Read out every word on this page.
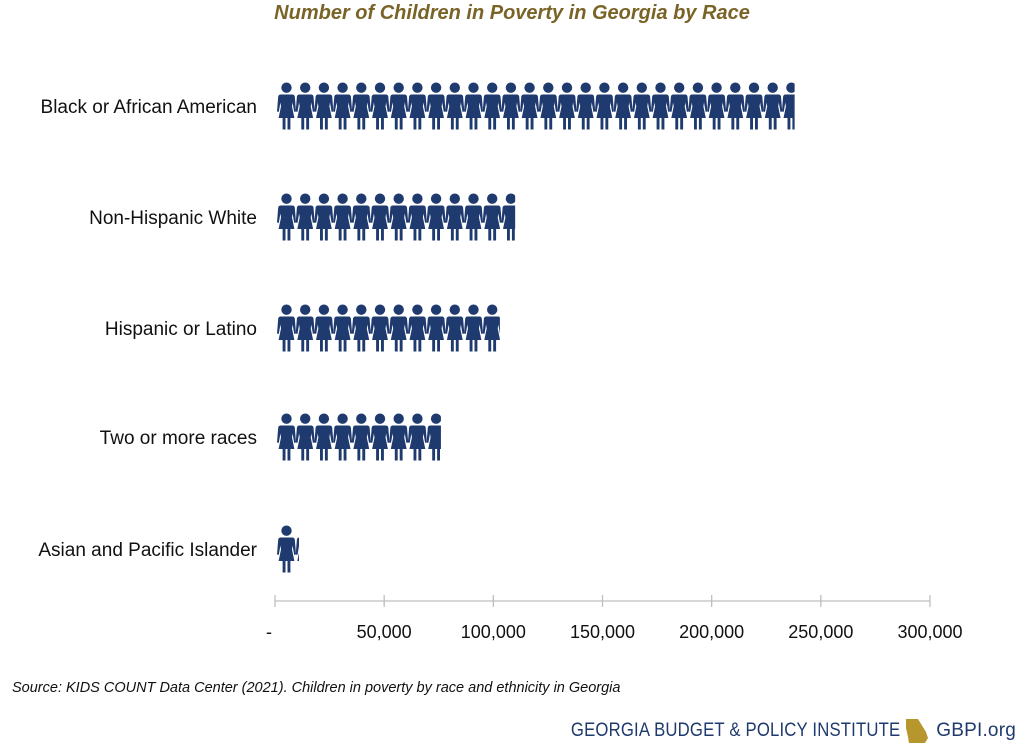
Number of Children in Poverty in Georgia by Race
Black or African American
Non-Hispanic White
Hispanic or Latino
Two or more races
Asian and Pacific Islander
-	50,000	100,000 150,000 200,000 250,000 300,000
Source: KIDS COUNT Data Center (2021). Children in poverty by race and ethnicity in Georgia
GEORGIA BUDGET & POLICY INSTITUTE GBPI.org
